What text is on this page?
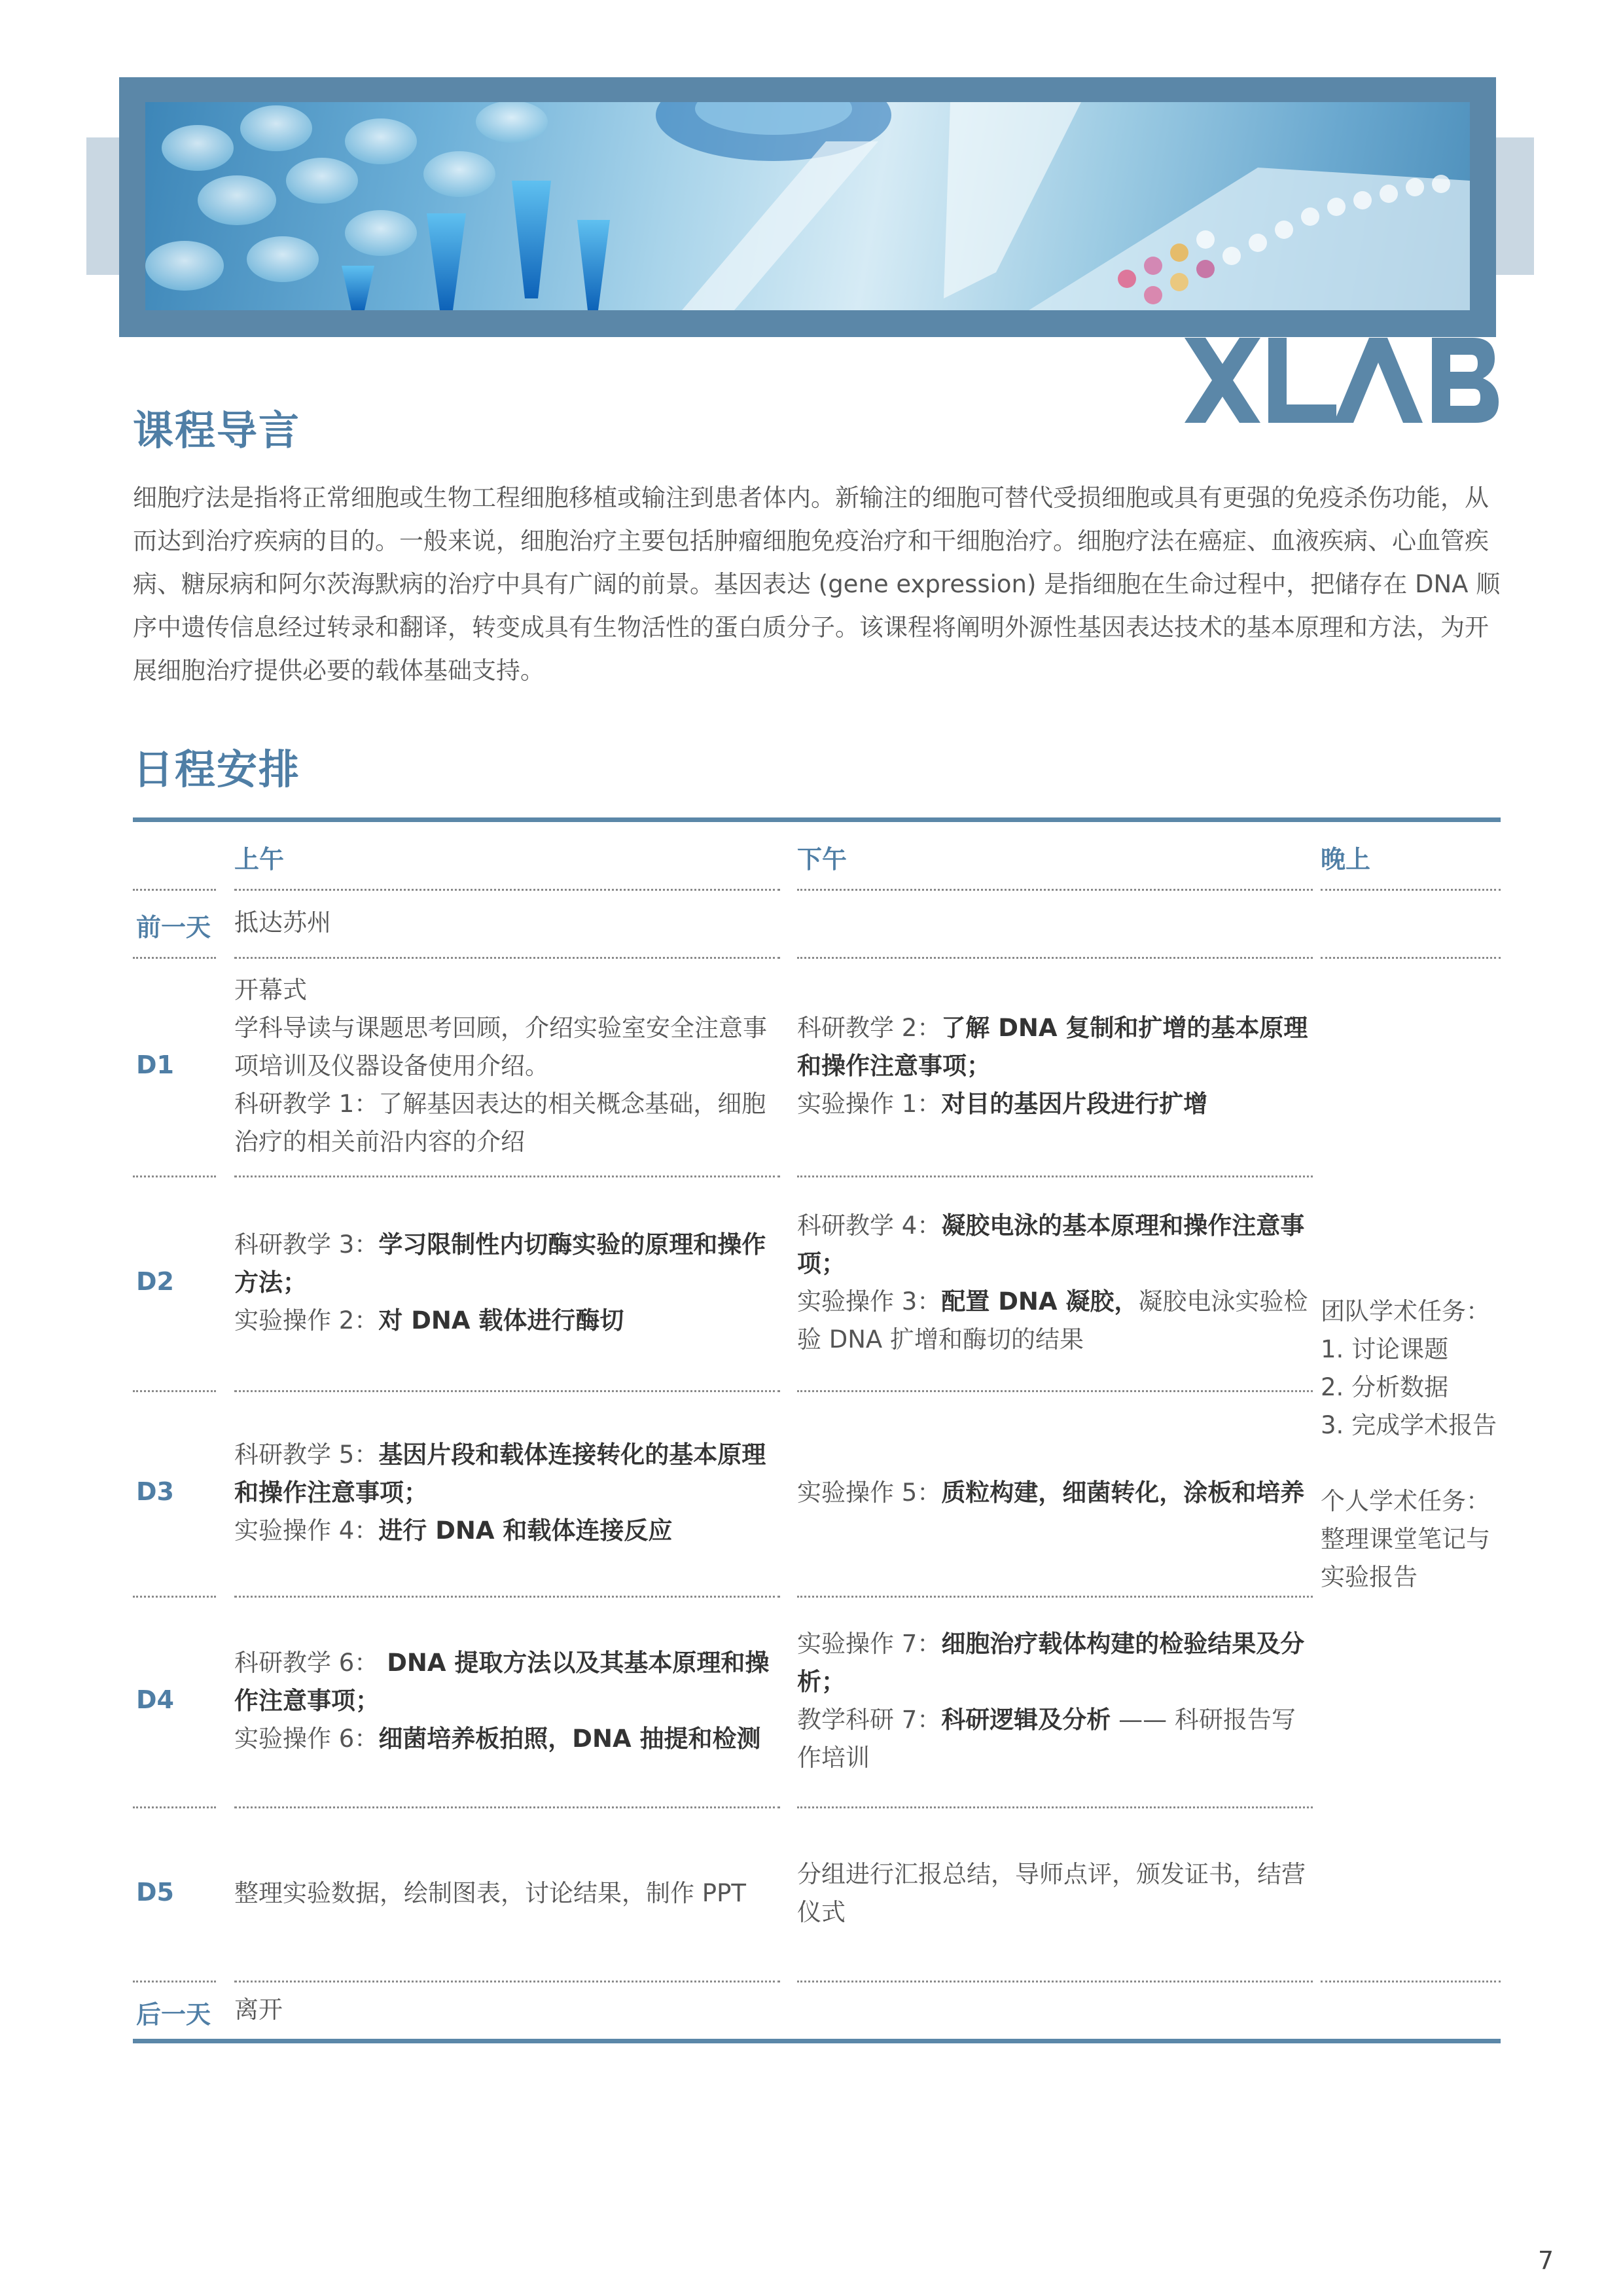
课程导言
细胞疗法是指将正常细胞或生物工程细胞移植或输注到患者体内。新输注的细胞可替代受损细胞或具有更强的免疫杀伤功能，从而达到治疗疾病的目的。一般来说，细胞治疗主要包括肿瘤细胞免疫治疗和干细胞治疗。细胞疗法在癌症、血液疾病、心血管疾病、糖尿病和阿尔茨海默病的治疗中具有广阔的前景。基因表达 (gene expression) 是指细胞在生命过程中，把储存在 DNA 顺序中遗传信息经过转录和翻译，转变成具有生物活性的蛋白质分子。该课程将阐明外源性基因表达技术的基本原理和方法，为开展细胞治疗提供必要的载体基础支持。
日程安排
上午	下午	晚上
前一天 抵达苏州
D1
开幕式
学科导读与课题思考回顾，介绍实验室安全注意事项培训及仪器设备使用介绍。
科研教学 1：了解基因表达的相关概念基础，细胞治疗的相关前沿内容的介绍
科研教学 2：了解 DNA 复制和扩增的基本原理和操作注意事项；
实验操作 1：对目的基因片段进行扩增
D2
科研教学 3：学习限制性内切酶实验的原理和操作方法；
实验操作 2：对 DNA 载体进行酶切
科研教学 4：凝胶电泳的基本原理和操作注意事项；
实验操作 3：配置 DNA 凝胶，凝胶电泳实验检验 DNA 扩增和酶切的结果
D3
科研教学 5：基因片段和载体连接转化的基本原理和操作注意事项；
实验操作 4：进行 DNA 和载体连接反应
实验操作 5：质粒构建，细菌转化，涂板和培养
D4
科研教学 6： DNA 提取方法以及其基本原理和操作注意事项；
实验操作 6：细菌培养板拍照，DNA 抽提和检测
实验操作 7：细胞治疗载体构建的检验结果及分析；
教学科研 7：科研逻辑及分析 —— 科研报告写作培训
D5 整理实验数据，绘制图表，讨论结果，制作 PPT
分组进行汇报总结，导师点评，颁发证书，结营仪式
后一天 离开
团队学术任务：
1. 讨论课题
2. 分析数据
3. 完成学术报告
个人学术任务：
整理课堂笔记与实验报告
7
